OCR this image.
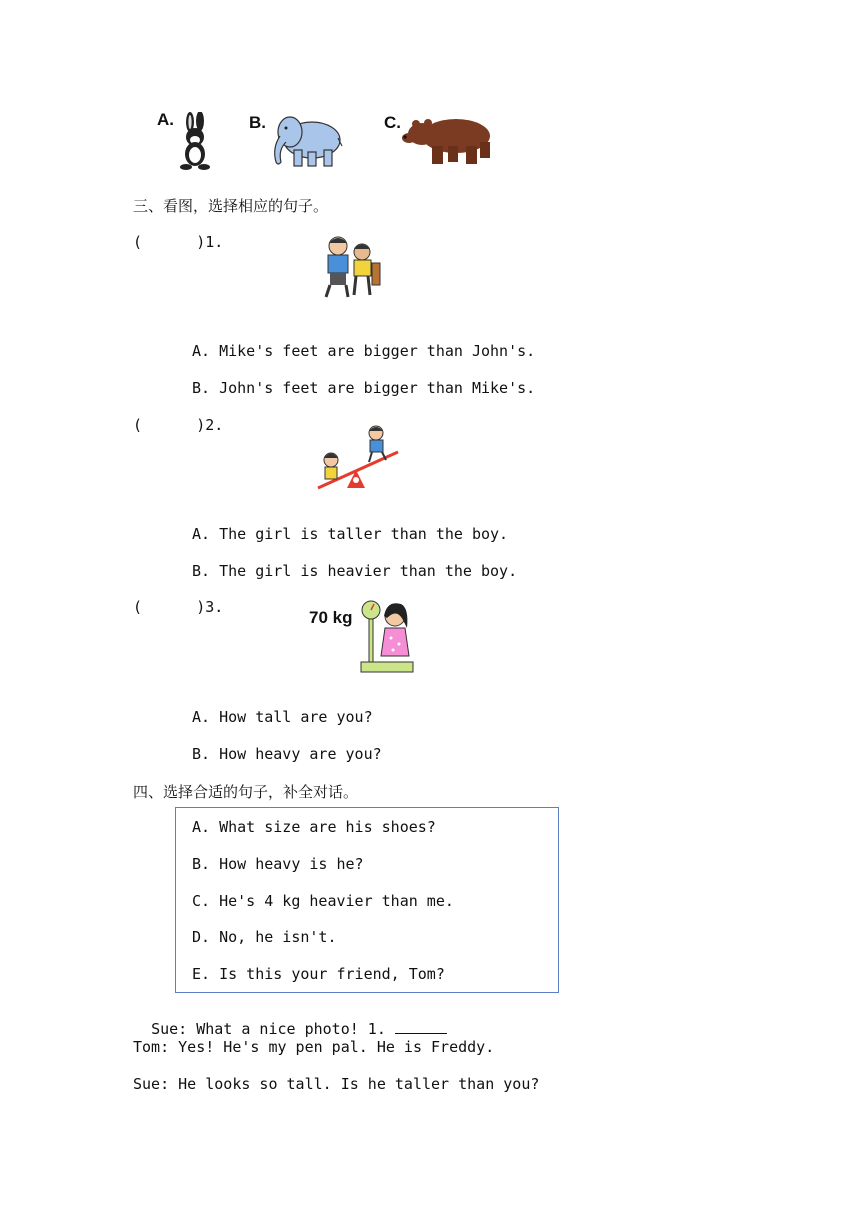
A.	B.	C.
三、看图，选择相应的句子。
(      )1.
A. Mike's feet are bigger than John's.
B. John's feet are bigger than Mike's.
(      )2.
A. The girl is taller than the boy.
B. The girl is heavier than the boy.
(      )3.
70 kg
A. How tall are you?
B. How heavy are you?
四、选择合适的句子，补全对话。
A. What size are his shoes?
B. How heavy is he?
C. He's 4 kg heavier than me.
D. No, he isn't.
E. Is this your friend, Tom?

Sue: What a nice photo! 1.

Tom: Yes! He's my pen pal. He is Freddy.
Sue: He looks so tall. Is he taller than you?
